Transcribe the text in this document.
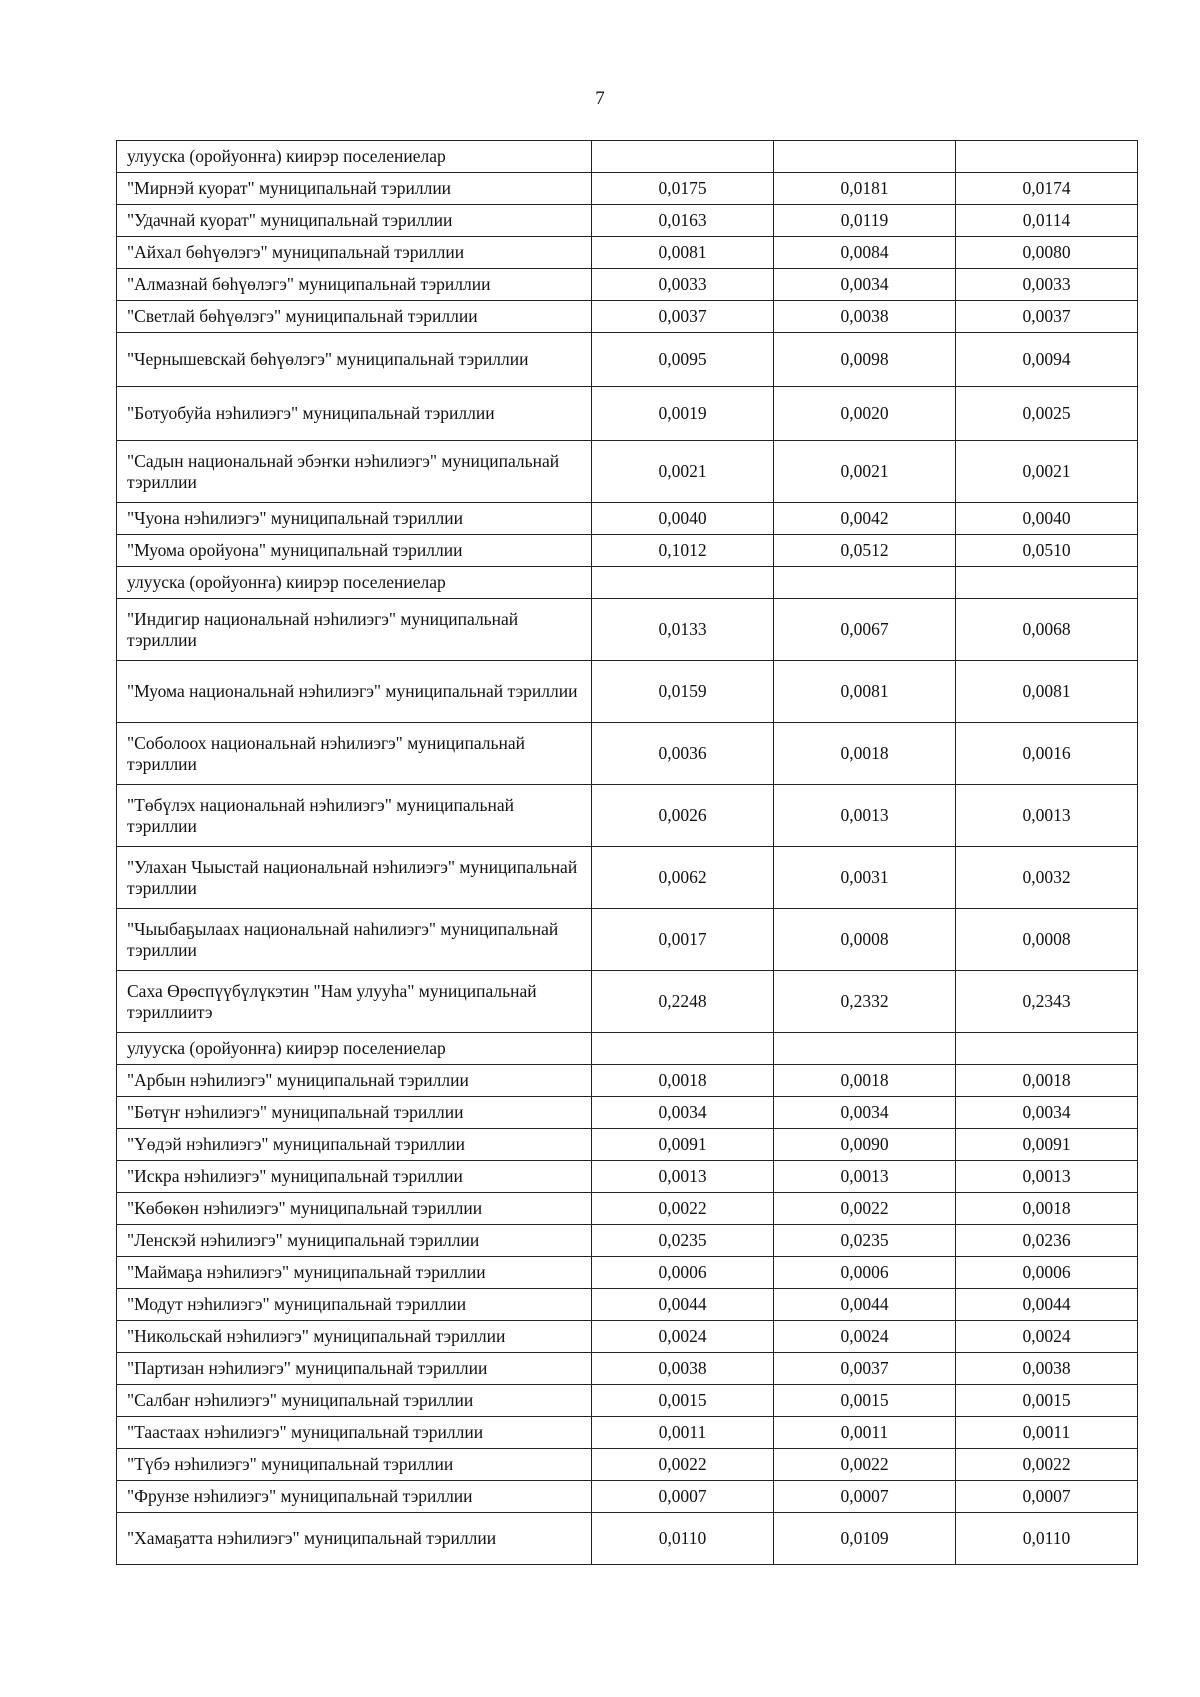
7
улууска (оройуонҥа) киирэр поселениелар			
"Мирнэй куорат" муниципальнай тэриллии	0,0175	0,0181	0,0174
"Удачнай куорат" муниципальнай тэриллии	0,0163	0,0119	0,0114
"Айхал бөһүөлэгэ" муниципальнай тэриллии	0,0081	0,0084	0,0080
"Алмазнай бөһүөлэгэ" муниципальнай тэриллии	0,0033	0,0034	0,0033
"Светлай бөһүөлэгэ" муниципальнай тэриллии	0,0037	0,0038	0,0037
"Чернышевскай бөһүөлэгэ" муниципальнай тэриллии	0,0095	0,0098	0,0094
"Ботуобуйа нэһилиэгэ" муниципальнай тэриллии	0,0019	0,0020	0,0025
"Садын национальнай эбэҥки нэһилиэгэ" муниципальнай тэриллии	0,0021	0,0021	0,0021
"Чуона нэһилиэгэ" муниципальнай тэриллии	0,0040	0,0042	0,0040
"Муома оройуона" муниципальнай тэриллии	0,1012	0,0512	0,0510
улууска (оройуонҥа) киирэр поселениелар			
"Индигир национальнай нэһилиэгэ" муниципальнай тэриллии	0,0133	0,0067	0,0068
"Муома национальнай нэһилиэгэ" муниципальнай тэриллии	0,0159	0,0081	0,0081
"Соболоох национальнай нэһилиэгэ" муниципальнай тэриллии	0,0036	0,0018	0,0016
"Төбүлэх национальнай нэһилиэгэ" муниципальнай тэриллии	0,0026	0,0013	0,0013
"Улахан Чыыстай национальнай нэһилиэгэ" муниципальнай тэриллии	0,0062	0,0031	0,0032
"Чыыбаҕылаах национальнай наһилиэгэ" муниципальнай тэриллии	0,0017	0,0008	0,0008
Саха Өрөспүүбүлүкэтин "Нам улууһа" муниципальнай тэриллиитэ	0,2248	0,2332	0,2343
улууска (оройуонҥа) киирэр поселениелар			
"Арбын нэһилиэгэ" муниципальнай тэриллии	0,0018	0,0018	0,0018
"Бөтүҥ нэһилиэгэ" муниципальнай тэриллии	0,0034	0,0034	0,0034
"Үөдэй нэһилиэгэ" муниципальнай тэриллии	0,0091	0,0090	0,0091
"Искра нэһилиэгэ" муниципальнай тэриллии	0,0013	0,0013	0,0013
"Көбөкөн нэһилиэгэ" муниципальнай тэриллии	0,0022	0,0022	0,0018
"Ленскэй нэһилиэгэ" муниципальнай тэриллии	0,0235	0,0235	0,0236
"Маймаҕа нэһилиэгэ" муниципальнай тэриллии	0,0006	0,0006	0,0006
"Модут нэһилиэгэ" муниципальнай тэриллии	0,0044	0,0044	0,0044
"Никольскай нэһилиэгэ" муниципальнай тэриллии	0,0024	0,0024	0,0024
"Партизан нэһилиэгэ" муниципальнай тэриллии	0,0038	0,0037	0,0038
"Салбаҥ нэһилиэгэ" муниципальнай тэриллии	0,0015	0,0015	0,0015
"Таастаах нэһилиэгэ" муниципальнай тэриллии	0,0011	0,0011	0,0011
"Түбэ нэһилиэгэ" муниципальнай тэриллии	0,0022	0,0022	0,0022
"Фрунзе нэһилиэгэ" муниципальнай тэриллии	0,0007	0,0007	0,0007
"Хамаҕатта нэһилиэгэ" муниципальнай тэриллии	0,0110	0,0109	0,0110
